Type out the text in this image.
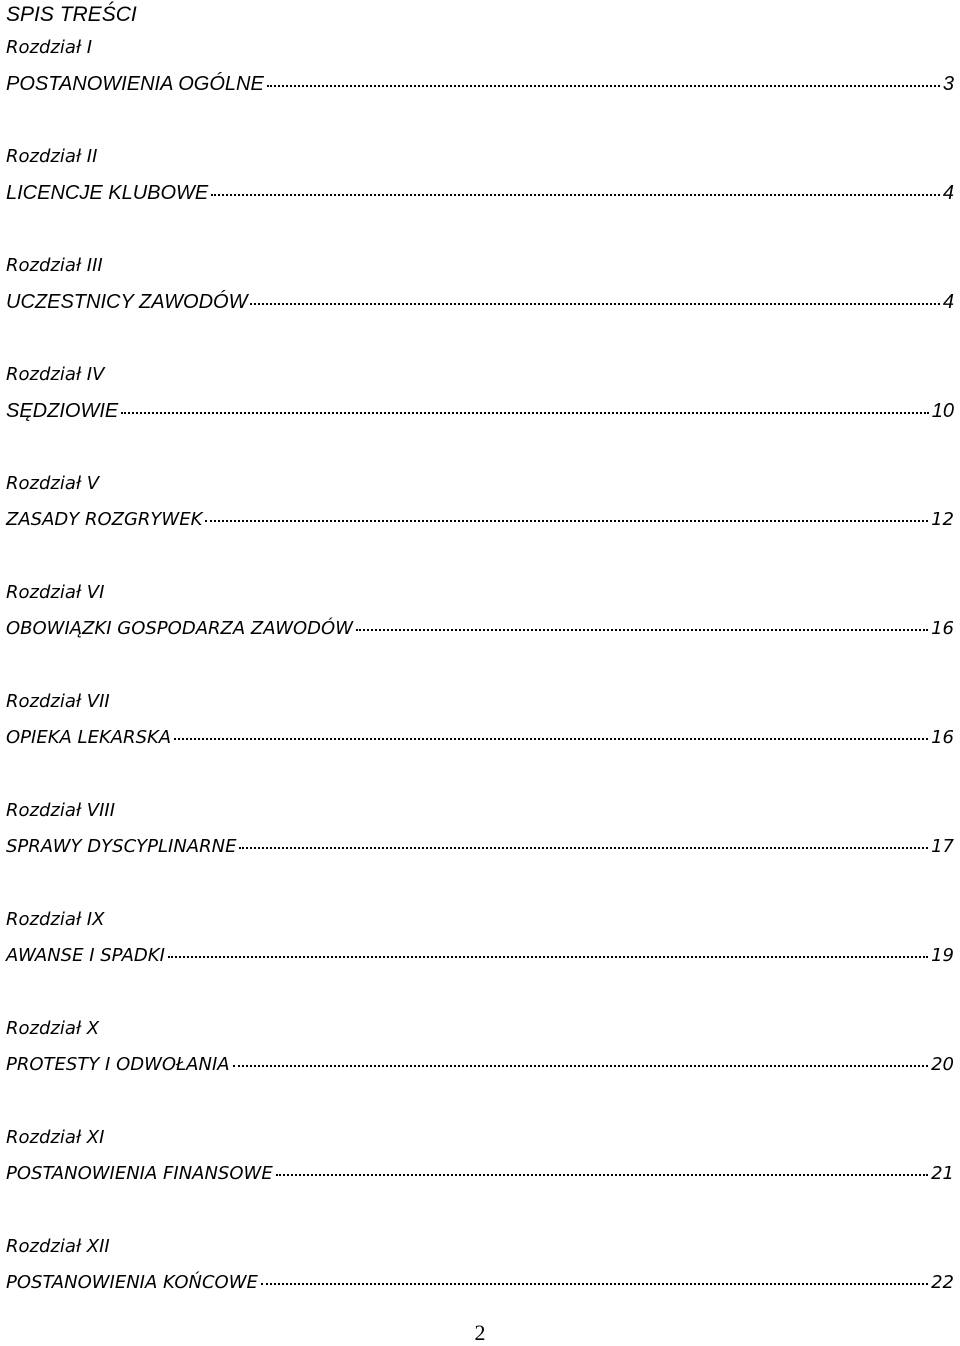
SPIS TREŚCI
Rozdział I
POSTANOWIENIA OGÓLNE	3
Rozdział II
LICENCJE KLUBOWE	4
Rozdział III
UCZESTNICY ZAWODÓW	4
Rozdział IV
SĘDZIOWIE	10
Rozdział V
ZASADY ROZGRYWEK	12
Rozdział VI
OBOWIĄZKI GOSPODARZA ZAWODÓW	16
Rozdział VII
OPIEKA LEKARSKA	16
Rozdział VIII
SPRAWY DYSCYPLINARNE	17
Rozdział IX
AWANSE I SPADKI	19
Rozdział X
PROTESTY I ODWOŁANIA	20
Rozdział XI
POSTANOWIENIA FINANSOWE	21
Rozdział XII
POSTANOWIENIA KOŃCOWE	22
2
